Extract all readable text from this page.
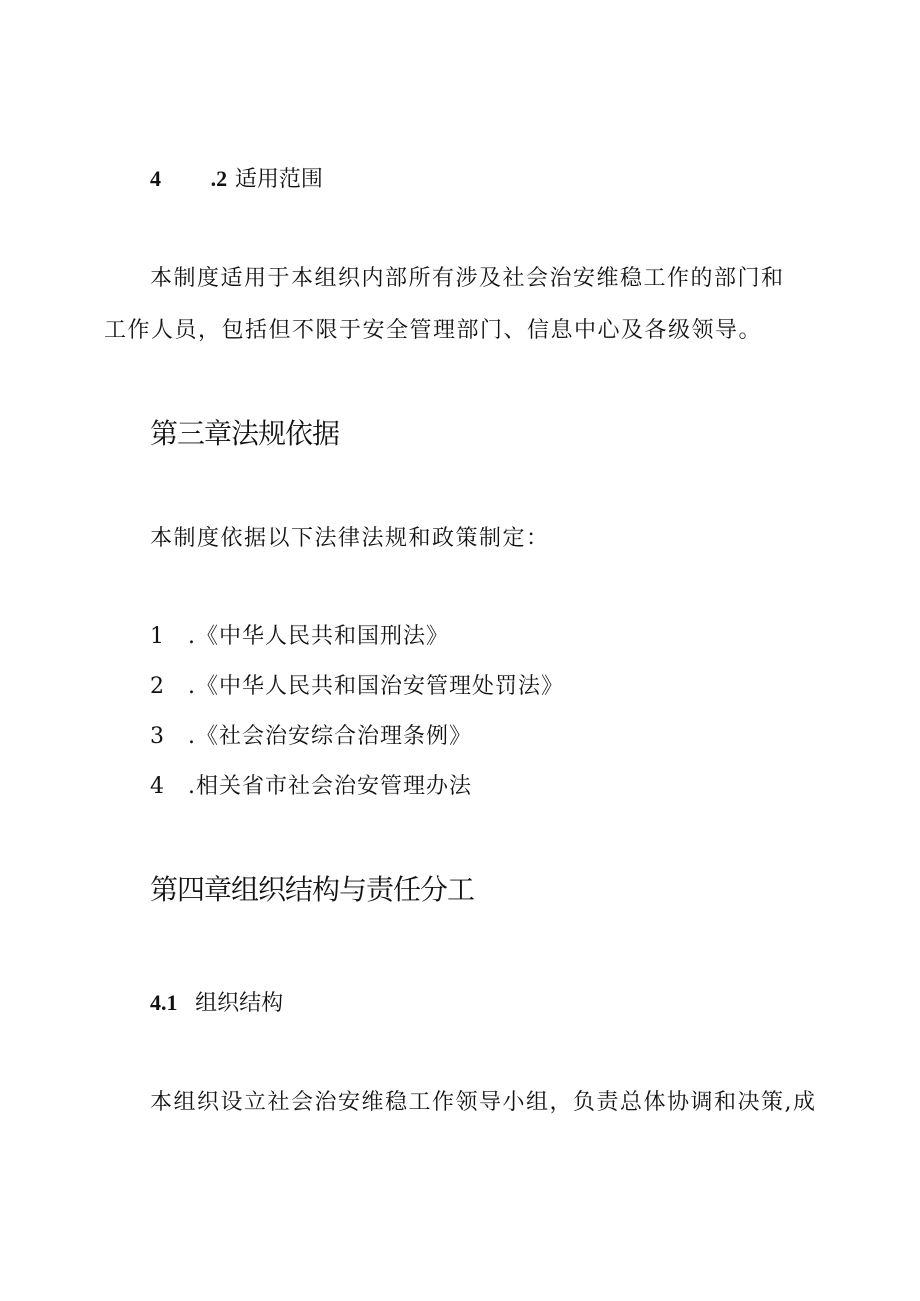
4 .2 适用范围
本制度适用于本组织内部所有涉及社会治安维稳工作的部门和
工作人员，包括但不限于安全管理部门、信息中心及各级领导。
第三章法规依据
本制度依据以下法律法规和政策制定：
1 .《中华人民共和国刑法》
2 .《中华人民共和国治安管理处罚法》
3 .《社会治安综合治理条例》
4 .相关省市社会治安管理办法
第四章组织结构与责任分工
4.1 组织结构
本组织设立社会治安维稳工作领导小组，负责总体协调和决策,成
